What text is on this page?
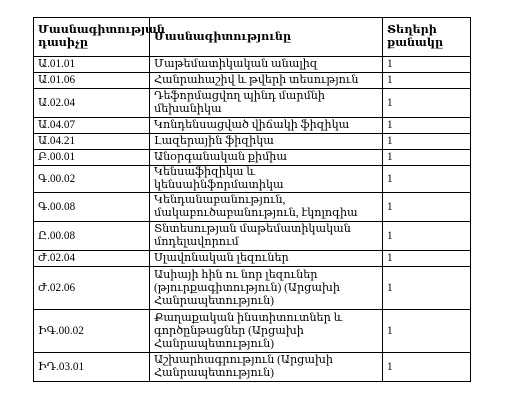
Մասնագիտության դասիչը	Մասնագիտությունը	Տեղերի քանակը
Ա.01.01	Մաթեմատիկական անալիզ	1
Ա.01.06	Հանրահաշիվ և թվերի տեսություն	1
Ա.02.04	Դեֆորմացվող պինդ մարմնի մեխանիկա	1
Ա.04.07	Կոնդենսացված վիճակի ֆիզիկա	1
Ա.04.21	Լազերային ֆիզիկա	1
Բ.00.01	Անօրգանական քիմիա	1
Գ.00.02	Կենսաֆիզիկա և կենսաինֆորմատիկա	1
Գ.00.08	Կենդանաբանություն, մակաբուծաբանություն, էկոլոգիա	1
Ը.00.08	Տնտեսության մաթեմատիկական մոդելավորում	1
Ժ.02.04	Սլավոնական լեզուներ	1
Ժ.02.06	Ասիայի հին ու նոր լեզուներ (թյուրքագիտություն) (Արցախի Հանրապետություն)	1
ԻԳ.00.02	Քաղաքական ինստիտուտներ և գործընթացներ (Արցախի Հանրապետություն)	1
ԻԴ.03.01	Աշխարհագրություն (Արցախի Հանրապետություն)	1
